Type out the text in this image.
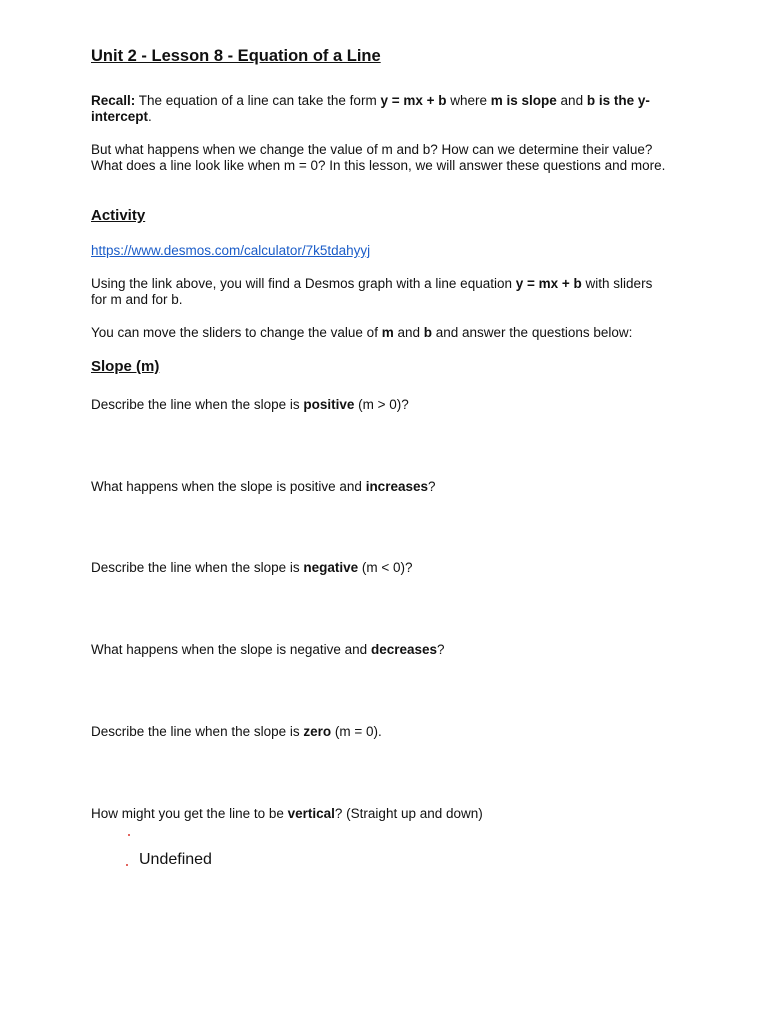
Unit 2 - Lesson 8 - Equation of a Line

Recall: The equation of a line can take the form y = mx + b where m is slope and b is the y-intercept.

But what happens when we change the value of m and b? How can we determine their value? What does a line look like when m = 0? In this lesson, we will answer these questions and more.

Activity

https://www.desmos.com/calculator/7k5tdahyyj

Using the link above, you will find a Desmos graph with a line equation y = mx + b with sliders for m and for b.

You can move the sliders to change the value of m and b and answer the questions below:

Slope (m)

Describe the line when the slope is positive (m > 0)?

What happens when the slope is positive and increases?

Describe the line when the slope is negative (m < 0)?

What happens when the slope is negative and decreases?

Describe the line when the slope is zero (m = 0).

How might you get the line to be vertical? (Straight up and down)

Undefined
